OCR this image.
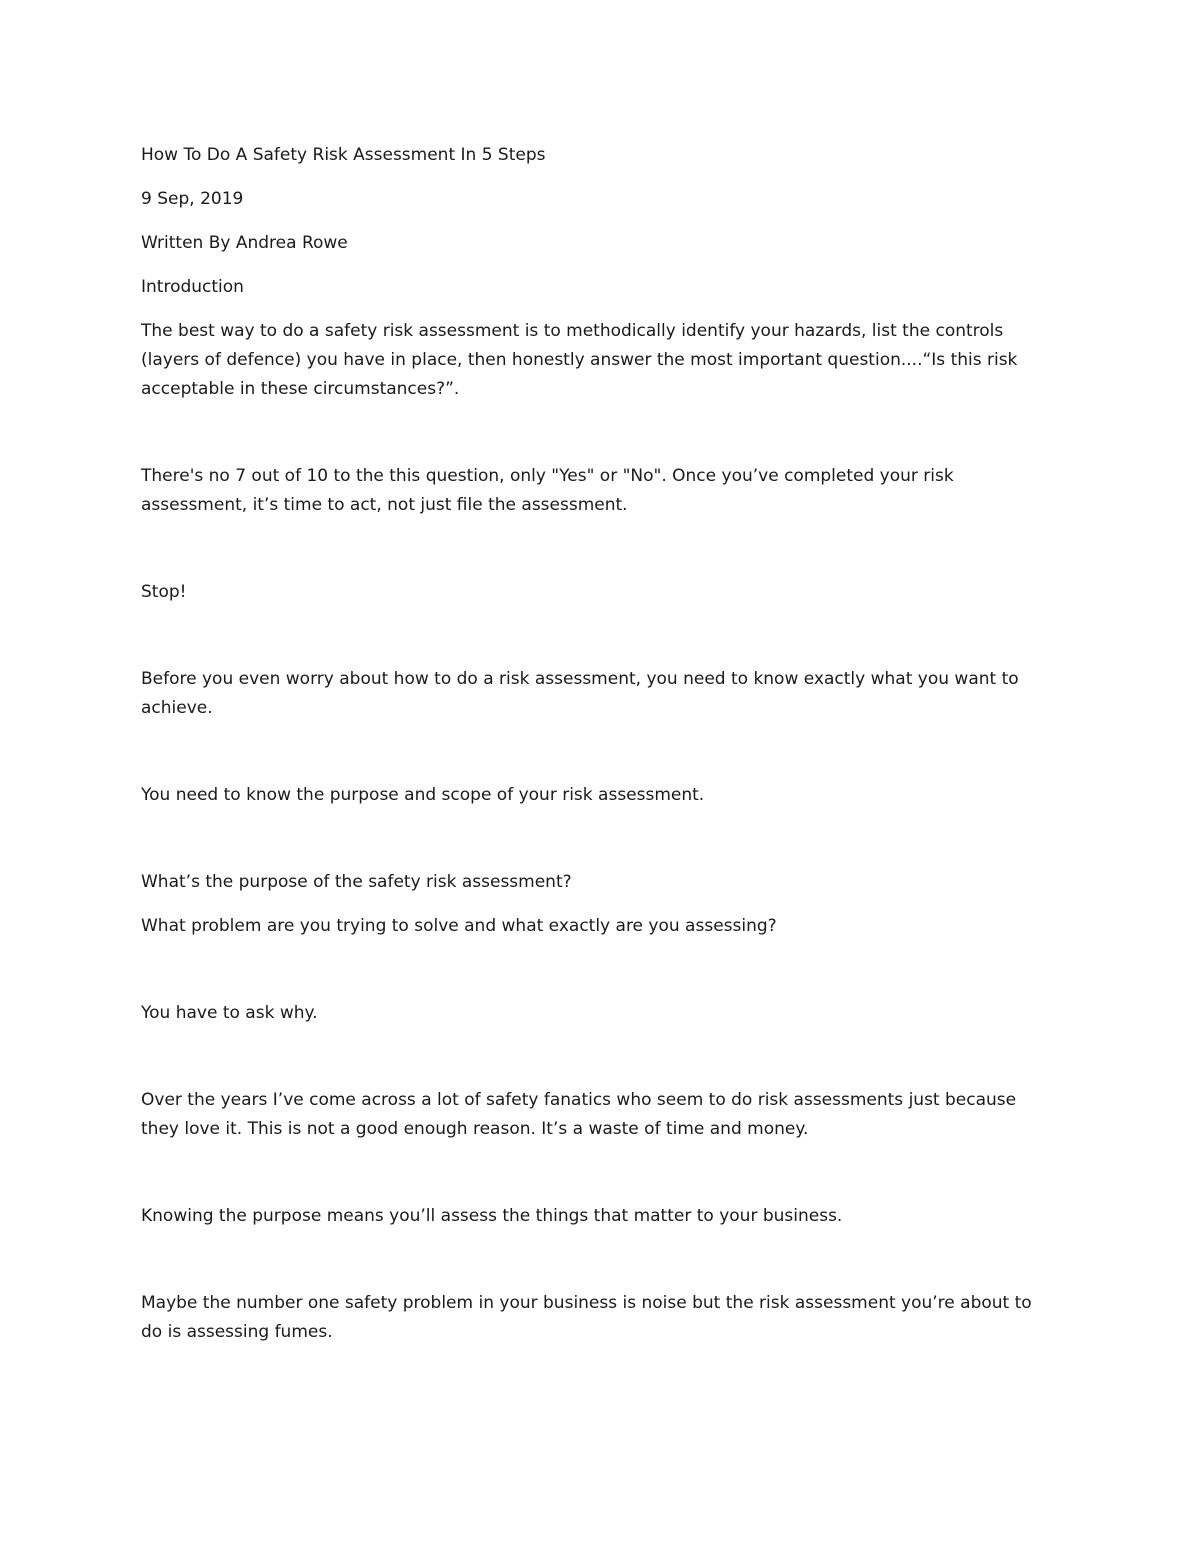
How To Do A Safety Risk Assessment In 5 Steps

9 Sep, 2019

Written By Andrea Rowe

Introduction

The best way to do a safety risk assessment is to methodically identify your hazards, list the controls (layers of defence) you have in place, then honestly answer the most important question....“Is this risk acceptable in these circumstances?”.

There's no 7 out of 10 to the this question, only "Yes" or "No". Once you’ve completed your risk assessment, it’s time to act, not just file the assessment.

Stop!

Before you even worry about how to do a risk assessment, you need to know exactly what you want to achieve.

You need to know the purpose and scope of your risk assessment.

What’s the purpose of the safety risk assessment?

What problem are you trying to solve and what exactly are you assessing?

You have to ask why.

Over the years I’ve come across a lot of safety fanatics who seem to do risk assessments just because they love it. This is not a good enough reason. It’s a waste of time and money.

Knowing the purpose means you’ll assess the things that matter to your business.

Maybe the number one safety problem in your business is noise but the risk assessment you’re about to do is assessing fumes.
